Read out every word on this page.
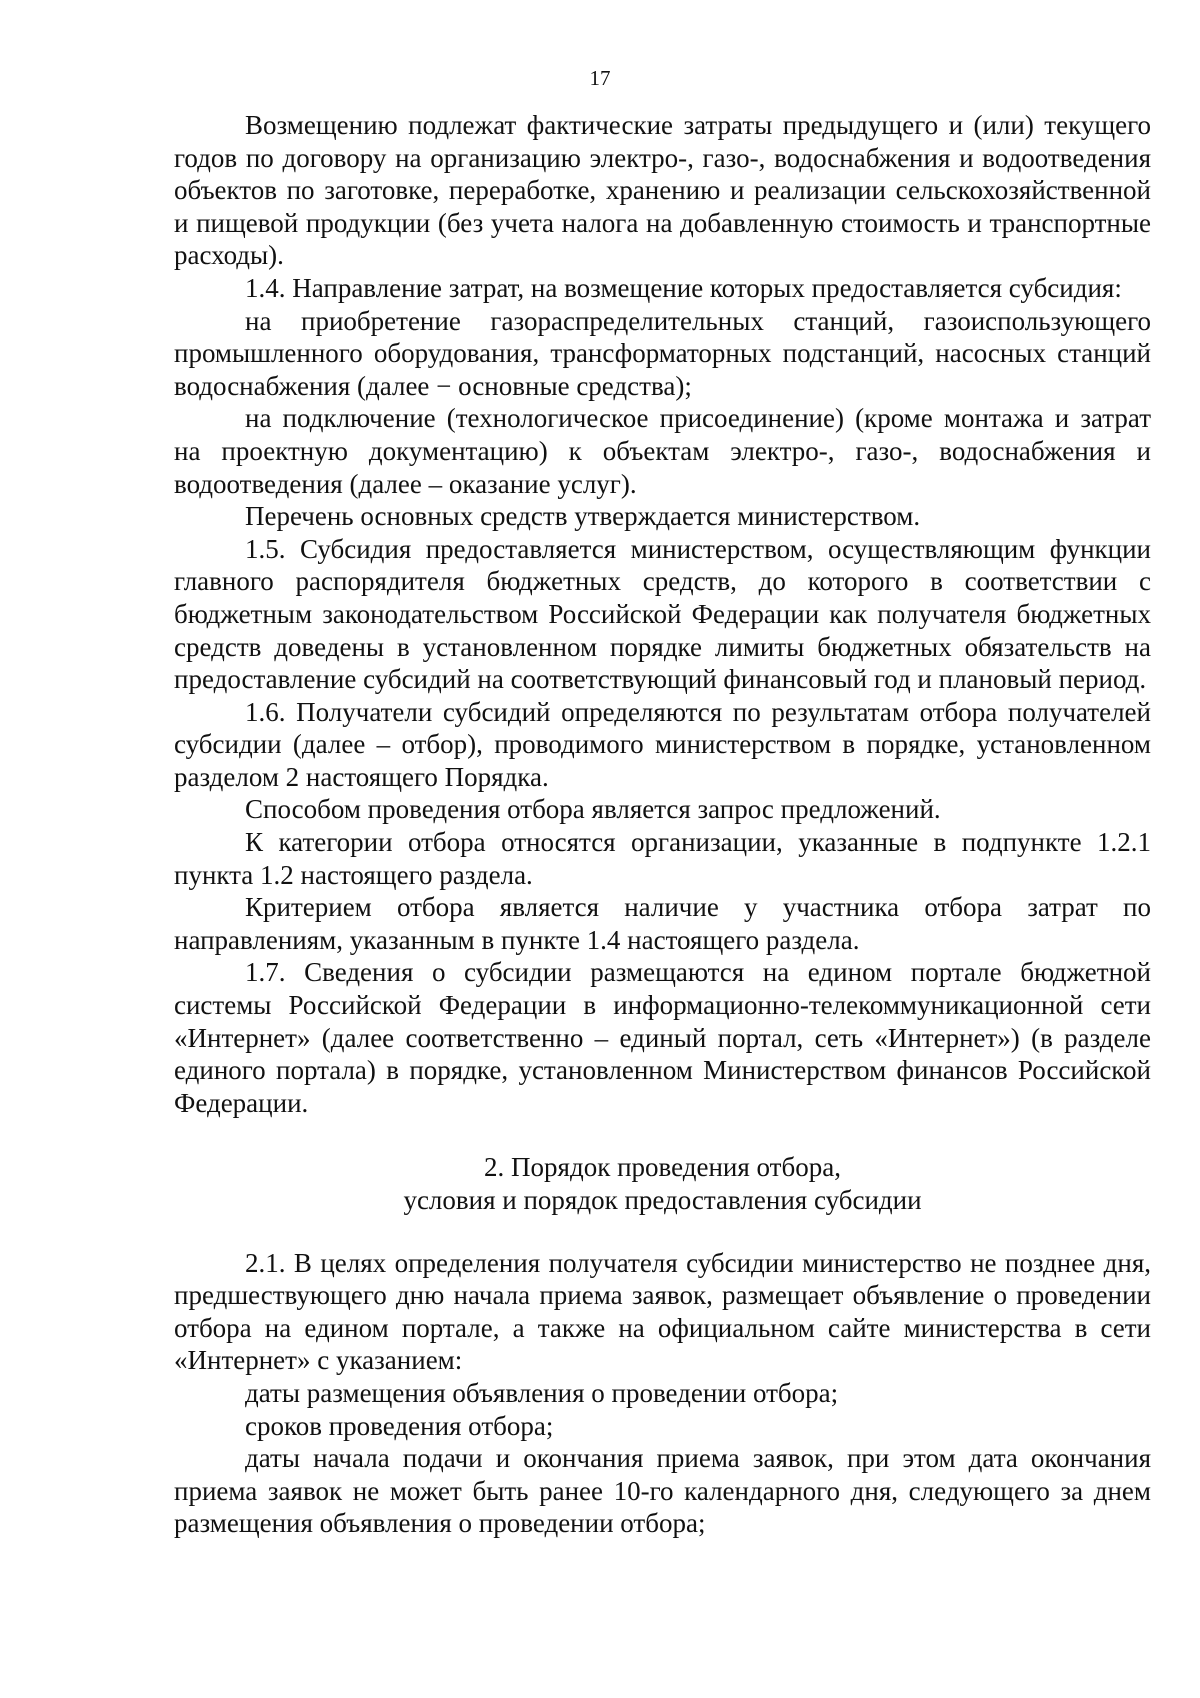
17

Возмещению подлежат фактические затраты предыдущего и (или) текущего годов по договору на организацию электро-, газо-, водоснабжения и водоотведения объектов по заготовке, переработке, хранению и реализации сельскохозяйственной и пищевой продукции (без учета налога на добавленную стоимость и транспортные расходы).

1.4. Направление затрат, на возмещение которых предоставляется субсидия:

на приобретение газораспределительных станций, газоиспользующего промышленного оборудования, трансформаторных подстанций, насосных станций водоснабжения (далее − основные средства);

на подключение (технологическое присоединение) (кроме монтажа и затрат на проектную документацию) к объектам электро-, газо-, водоснабжения и водоотведения (далее – оказание услуг).

Перечень основных средств утверждается министерством.

1.5. Субсидия предоставляется министерством, осуществляющим функции главного распорядителя бюджетных средств, до которого в соответствии с бюджетным законодательством Российской Федерации как получателя бюджетных средств доведены в установленном порядке лимиты бюджетных обязательств на предоставление субсидий на соответствующий финансовый год и плановый период.

1.6. Получатели субсидий определяются по результатам отбора получателей субсидии (далее – отбор), проводимого министерством в порядке, установленном разделом 2 настоящего Порядка.

Способом проведения отбора является запрос предложений.

К категории отбора относятся организации, указанные в подпункте 1.2.1 пункта 1.2 настоящего раздела.

Критерием отбора является наличие у участника отбора затрат по направлениям, указанным в пункте 1.4 настоящего раздела.

1.7. Сведения о субсидии размещаются на едином портале бюджетной системы Российской Федерации в информационно-телекоммуникационной сети «Интернет» (далее соответственно – единый портал, сеть «Интернет») (в разделе единого портала) в порядке, установленном Министерством финансов Российской Федерации.

2. Порядок проведения отбора,
условия и порядок предоставления субсидии

2.1. В целях определения получателя субсидии министерство не позднее дня, предшествующего дню начала приема заявок, размещает объявление о проведении отбора на едином портале, а также на официальном сайте министерства в сети «Интернет» с указанием:

даты размещения объявления о проведении отбора;

сроков проведения отбора;

даты начала подачи и окончания приема заявок, при этом дата окончания приема заявок не может быть ранее 10-го календарного дня, следующего за днем размещения объявления о проведении отбора;
